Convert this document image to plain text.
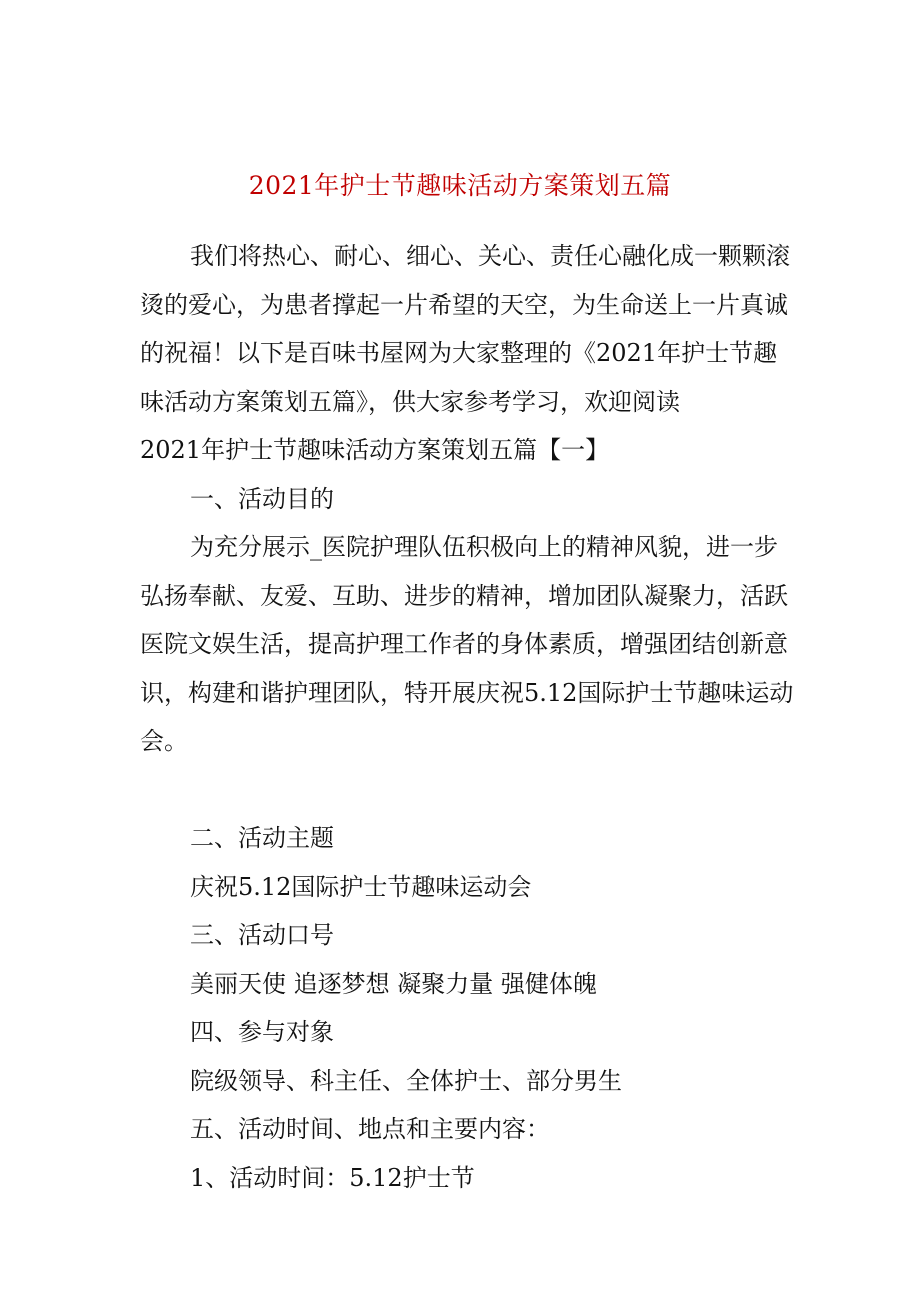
2021年护士节趣味活动方案策划五篇

我们将热心、耐心、细心、关心、责任心融化成一颗颗滚烫的爱心，为患者撑起一片希望的天空，为生命送上一片真诚的祝福！以下是百味书屋网为大家整理的《2021年护士节趣味活动方案策划五篇》，供大家参考学习，欢迎阅读

2021年护士节趣味活动方案策划五篇【一】

一、活动目的

为充分展示_医院护理队伍积极向上的精神风貌，进一步弘扬奉献、友爱、互助、进步的精神，增加团队凝聚力，活跃医院文娱生活，提高护理工作者的身体素质，增强团结创新意识，构建和谐护理团队，特开展庆祝5.12国际护士节趣味运动会。

二、活动主题

庆祝5.12国际护士节趣味运动会

三、活动口号

美丽天使 追逐梦想 凝聚力量 强健体魄

四、参与对象

院级领导、科主任、全体护士、部分男生

五、活动时间、地点和主要内容：

1、活动时间：5.12护士节
